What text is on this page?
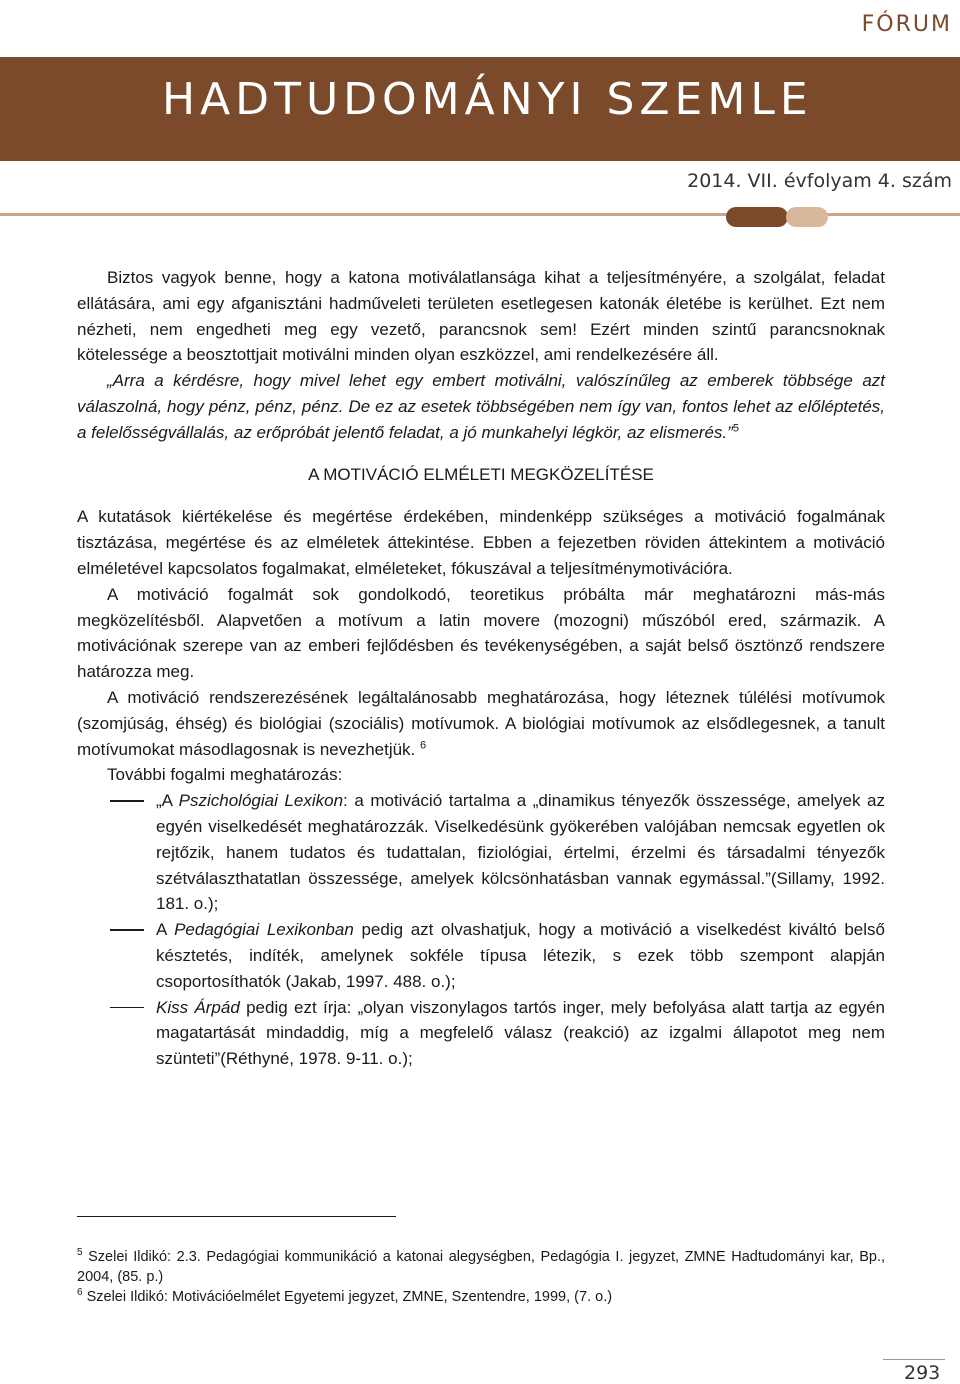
FÓRUM
HADTUDOMÁNYI SZEMLE
2014. VII. évfolyam 4. szám

Biztos vagyok benne, hogy a katona motiválatlansága kihat a teljesítményére, a szolgálat, feladat ellátására, ami egy afganisztáni hadműveleti területen esetlegesen katonák életébe is kerülhet. Ezt nem nézheti, nem engedheti meg egy vezető, parancsnok sem! Ezért minden szintű parancsnoknak kötelessége a beosztottjait motiválni minden olyan eszközzel, ami rendelkezésére áll.

„Arra a kérdésre, hogy mivel lehet egy embert motiválni, valószínűleg az emberek többsége azt válaszolná, hogy pénz, pénz, pénz. De ez az esetek többségében nem így van, fontos lehet az előléptetés, a felelősségvállalás, az erőpróbát jelentő feladat, a jó munkahelyi légkör, az elismerés.”$^5$

A MOTIVÁCIÓ ELMÉLETI MEGKÖZELÍTÉSE

A kutatások kiértékelése és megértése érdekében, mindenképp szükséges a motiváció fogalmának tisztázása, megértése és az elméletek áttekintése. Ebben a fejezetben röviden áttekintem a motiváció elméletével kapcsolatos fogalmakat, elméleteket, fókuszával a teljesítménymotivációra.

A motiváció fogalmát sok gondolkodó, teoretikus próbálta már meghatározni más-más megközelítésből. Alapvetően a motívum a latin movere (mozogni) műszóból ered, származik. A motivációnak szerepe van az emberi fejlődésben és tevékenységében, a saját belső ösztönző rendszere határozza meg.

A motiváció rendszerezésének legáltalánosabb meghatározása, hogy léteznek túlélési motívumok (szomjúság, éhség) és biológiai (szociális) motívumok. A biológiai motívumok az elsődlegesnek, a tanult motívumokat másodlagosnak is nevezhetjük. $^6$

További fogalmi meghatározás:

„A Pszichológiai Lexikon: a motiváció tartalma a „dinamikus tényezők összessége, amelyek az egyén viselkedését meghatározzák. Viselkedésünk gyökerében valójában nemcsak egyetlen ok rejtőzik, hanem tudatos és tudattalan, fiziológiai, értelmi, érzelmi és társadalmi tényezők szétválaszthatatlan összessége, amelyek kölcsönhatásban vannak egymással.”(Sillamy, 1992. 181. o.);

A Pedagógiai Lexikonban pedig azt olvashatjuk, hogy a motiváció a viselkedést kiváltó belső késztetés, indíték, amelynek sokféle típusa létezik, s ezek több szempont alapján csoportosíthatók (Jakab, 1997. 488. o.);

Kiss Árpád pedig ezt írja: „olyan viszonylagos tartós inger, mely befolyása alatt tartja az egyén magatartását mindaddig, míg a megfelelő válasz (reakció) az izgalmi állapotot meg nem szünteti”(Réthyné, 1978. 9-11. o.);

$^5$ Szelei Ildikó: 2.3. Pedagógiai kommunikáció a katonai alegységben, Pedagógia I. jegyzet, ZMNE Hadtudományi kar, Bp., 2004, (85. p.)

$^6$ Szelei Ildikó: Motivációelmélet Egyetemi jegyzet, ZMNE, Szentendre, 1999, (7. o.)

293
